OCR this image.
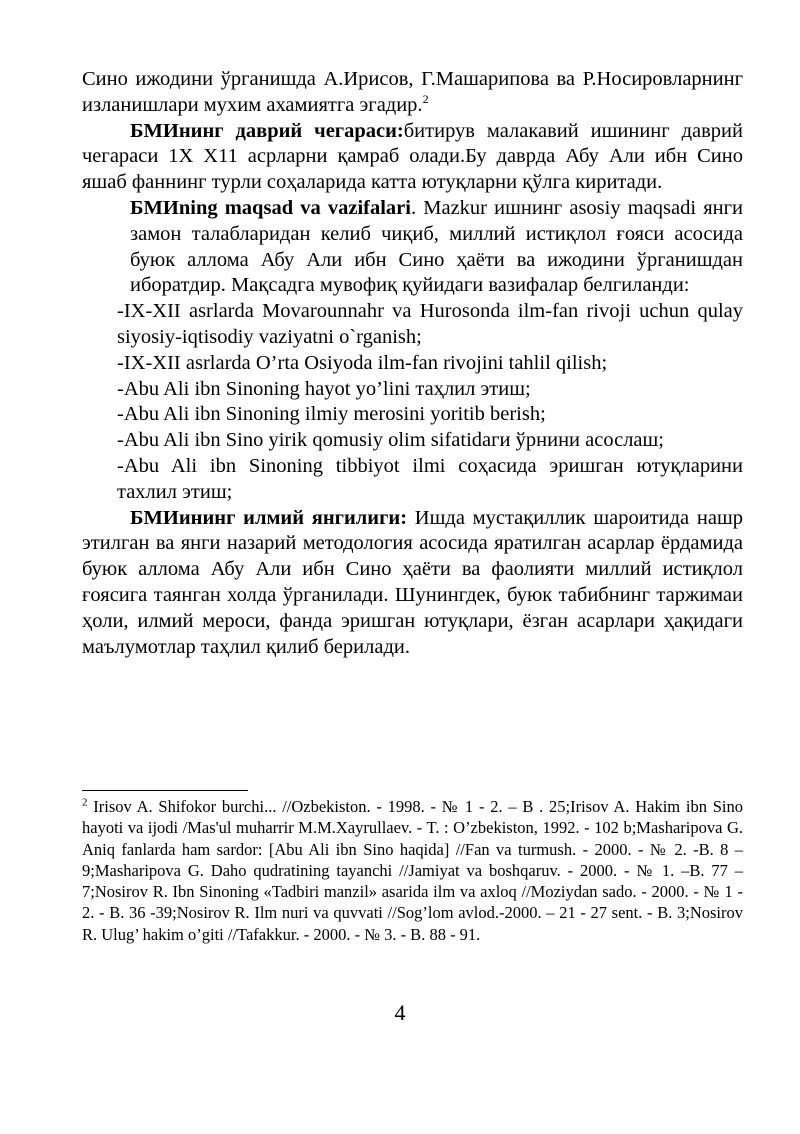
Сино ижодини ўрганишда А.Ирисов, Г.Машарипова ва Р.Носировларнинг изланишлари мухим ахамиятга эгадир.$^2$

БМИнинг даврий чегараси:битирув малакавий ишининг даврий чегараси 1Х Х11 асрларни қамраб олади.Бу даврда Абу Али ибн Сино яшаб фаннинг турли соҳаларида катта ютуқларни қўлга киритади.

БМИning maqsad va vazifalari. Mazkur ишнинг asosiy maqsadi янги замон талабларидан келиб чиқиб, миллий истиқлол ғояси асосида буюк аллома Абу Али ибн Сино ҳаёти ва ижодини ўрганишдан иборатдир. Мақсадга мувофиқ қуйидаги вазифалар белгиланди:

-IX-XII asrlarda Movarounnahr va Hurosonda ilm-fan rivoji uchun qulay siyosiy-iqtisodiy vaziyatni o`rganish;

-IX-XII asrlarda O’rta Osiyoda ilm-fan rivojini tahlil qilish;

-Abu Ali ibn Sinoning hayot yo’lini таҳлил этиш;

-Abu Ali ibn Sinoning ilmiy merosini yoritib berish;

-Abu Ali ibn Sino yirik qomusiy olim sifatidaги ўрнини асослаш;

-Abu Ali ibn Sinoning tibbiyot ilmi соҳасида эришган ютуқларини тахлил этиш;

БМИининг илмий янгилиги: Ишда мустақиллик шароитида нашр этилган ва янги назарий методология асосида яратилган асарлар ёрдамида буюк аллома Абу Али ибн Сино ҳаёти ва фаолияти миллий истиқлол ғоясига таянган холда ўрганилади. Шунингдек, буюк табибнинг таржимаи ҳоли, илмий мероси, фанда эришган ютуқлари, ёзган асарлари ҳақидаги маълумотлар таҳлил қилиб берилади.

$^2$ Irisov A. Shifokor burchi... //Ozbekiston. - 1998. - № 1 - 2. – B . 25;Irisov A. Hakim ibn Sino hayoti va ijodi /Mas'ul muharrir M.M.Xayrullaev. - T. : O’zbekiston, 1992. - 102 b;Masharipova G. Aniq fanlarda ham sardor: [Abu Ali ibn Sino haqida] //Fan va turmush. - 2000. - № 2. -B. 8 – 9;Masharipova G. Daho qudratining tayanchi //Jamiyat va boshqaruv. - 2000. - № 1. –B. 77 – 7;Nosirov R. Ibn Sinoning «Tadbiri manzil» asarida ilm va axloq //Moziydan sado. - 2000. - № 1 - 2. - B. 36 -39;Nosirov R. Ilm nuri va quvvati //Sog’lom avlod.-2000. – 21 - 27 sent. - B. 3;Nosirov R. Ulug’ hakim o’giti //Tafakkur. - 2000. - № 3. - B. 88 - 91.

4
